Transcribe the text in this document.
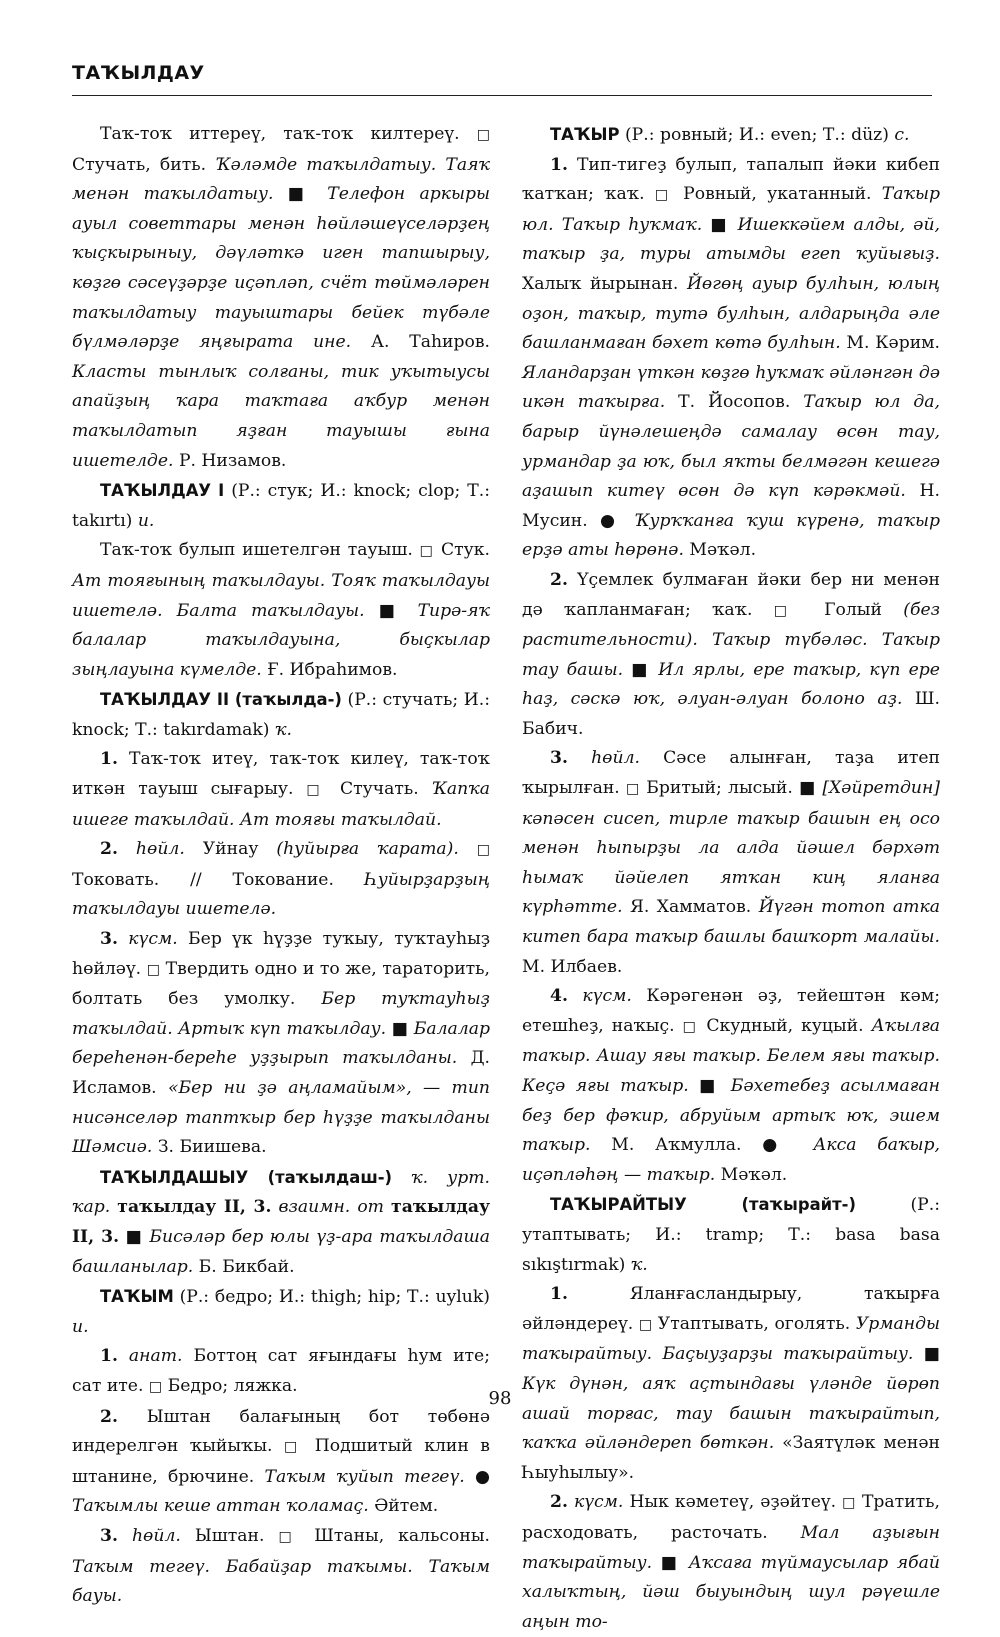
ТАҠЫЛДАУ

Таҡ-тоҡ иттереү, таҡ-тоҡ килтереү. □ Стучать, бить. Ҡәләмде таҡылдатыу. Таяҡ менән таҡылдатыу. ■ Телефон аркыры ауыл советтары менән һөйләшеүселәрҙең ҡыҫкырыныу, дәүләткә иген тапшырыу, көҙгө сәсеүҙәрҙе иҫәпләп, счёт төймәләрен таҡылдатыу тауыштары бейек түбәле бүлмәләрҙе яңғырата ине. А. Таһиров. Класты тынлыҡ солғаны, тик уҡытыусы апайҙың ҡара таҡтаға аҡбур менән таҡылдатып яҙған тауышы ғына ишетелде. Р. Низамов.

ТАҠЫЛДАУ I (Р.: стук; И.: knock; clop; Т.: takırtı) и.

Таҡ-тоҡ булып ишетелгән тауыш. □ Стук. Ат тояғының таҡылдауы. Тояҡ таҡылдауы ишетелә. Балта таҡылдауы. ■ Тирә-яҡ балалар таҡылдауына, быҫкылар зыңлауына күмелде. Ғ. Ибраһимов.

ТАҠЫЛДАУ II (таҡылда-) (Р.: стучать; И.: knock; Т.: takırdamak) ҡ.

1. Таҡ-тоҡ итеү, таҡ-тоҡ килеү, таҡ-тоҡ иткән тауыш сығарыу. □ Стучать. Ҡапҡа ишеге таҡылдай. Ат тояғы таҡылдай.

2. һөйл. Уйнау (һуйырға ҡарата). □ Токовать. // Токование. Һуйырҙарҙың таҡылдауы ишетелә.

3. күсм. Бер үк һүҙҙе туҡыу, туҡтауһыҙ һөйләү. □ Твердить одно и то же, тараторить, болтать без умолку. Бер туҡтауһыҙ таҡылдай. Артыҡ күп таҡылдау. ■ Балалар береһенән-береһе уҙҙырып таҡылданы. Д. Исламов. «Бер ни ҙә аңламайым», — тип нисәнселәр таптҡыр бер һүҙҙе таҡылданы Шәмсиә. З. Биишева.

ТАҠЫЛДАШЫУ (таҡылдаш-) ҡ. урт. ҡар. таҡылдау II, 3. взаимн. от таҡылдау II, 3. ■ Бисәләр бер юлы үҙ-ара таҡылдаша башланылар. Б. Бикбай.

ТАҠЫМ (Р.: бедро; И.: thigh; hip; Т.: uyluk) и.

1. анат. Боттоң сат яғындағы һум ите; сат ите. □ Бедро; ляжка.

2. Ыштан балағының бот төбөнә индерелгән ҡыйыҡы. □ Подшитый клин в штанине, брючине. Таҡым ҡуйып тегеү. ● Таҡымлы кеше аттан ҡоламаҫ. Әйтем.

3. һөйл. Ыштан. □ Штаны, кальсоны. Таҡым тегеү. Бабайҙар таҡымы. Таҡым бауы.

ТАҠЫР (Р.: ровный; И.: even; Т.: düz) с.

1. Тип-тигеҙ булып, тапалып йәки кибеп ҡатҡан; ҡаҡ. □ Ровный, укатанный. Таҡыр юл. Таҡыр һуҡмаҡ. ■ Ишеккәйем алды, әй, таҡыр ҙа, туры атымды егеп ҡуйығыҙ. Халыҡ йырынан. Йөгөң ауыр булһын, юлың оҙон, таҡыр, тутә булһын, алдарыңда әле башланмаған бәхет көтә булһын. М. Кәрим. Яландарҙан үткән көҙгө һуҡмаҡ әйләнгән дә икән таҡырға. Т. Йосопов. Таҡыр юл да, барыр йүнәлешеңдә самалау өсөн тау, урмандар ҙа юҡ, был яҡты белмәгән кешегә аҙашып китеү өсөн дә күп кәрәкмәй. Н. Мусин. ● Ҡурҡҡанға ҡуш күренә, таҡыр ерҙә аты һөрөнә. Мәҡәл.

2. Үҫемлек булмаған йәки бер ни менән дә ҡапланмаған; ҡаҡ. □ Голый (без растительности). Таҡыр түбәләс. Таҡыр тау башы. ■ Ил ярлы, ере таҡыр, күп ере һаҙ, сәскә юҡ, әлуан-әлуан болоно аҙ. Ш. Бабич.

3. һөйл. Сәсе алынған, таҙа итеп ҡырылған. □ Бритый; лысый. ■ [Хәйретдин] кәпәсен сисеп, тирле таҡыр башын ең осо менән һыпырҙы ла алда йәшел бәрхәт һымаҡ йәйелеп ятҡан киң яланға күрһәтте. Я. Хамматов. Йүгән тотоп атка китеп бара таҡыр башлы башҡорт малайы. М. Илбаев.

4. күсм. Кәрәгенән әҙ, тейештән кәм; етешһеҙ, наҡыҫ. □ Скудный, куцый. Аҡылға таҡыр. Ашау яғы таҡыр. Белем яғы таҡыр. Кеҫә яғы таҡыр. ■ Бәхетебеҙ асылмаған беҙ бер фәҡир, абруйым артыҡ юҡ, эшем таҡыр. М. Аҡмулла. ● Акса баҡыр, иҫәпләһәң — таҡыр. Мәҡәл.

ТАҠЫРАЙТЫУ (таҡырайт-) (Р.: утаптывать; И.: tramp; Т.: basa basa sıkıştırmak) ҡ.

1. Яланғасландырыу, таҡырға әйләндереү. □ Утаптывать, оголять. Урманды таҡырайтыу. Баҫыуҙарҙы таҡырайтыу. ■ Күк дүнән, аяҡ аҫтындағы үләнде йөрөп ашай торғас, тау башын таҡырайтып, ҡаҡҡа әйләндереп бөткән. «Заятүләк менән Һыуһылыу».

2. күсм. Нык кәметеү, әҙәйтеү. □ Тратить, расходовать, расточать. Мал аҙығын таҡырайтыу. ■ Аҡсаға түймаусылар ябай халыҡтың, йәш быуындың шул рәүешле аңын то-

98
